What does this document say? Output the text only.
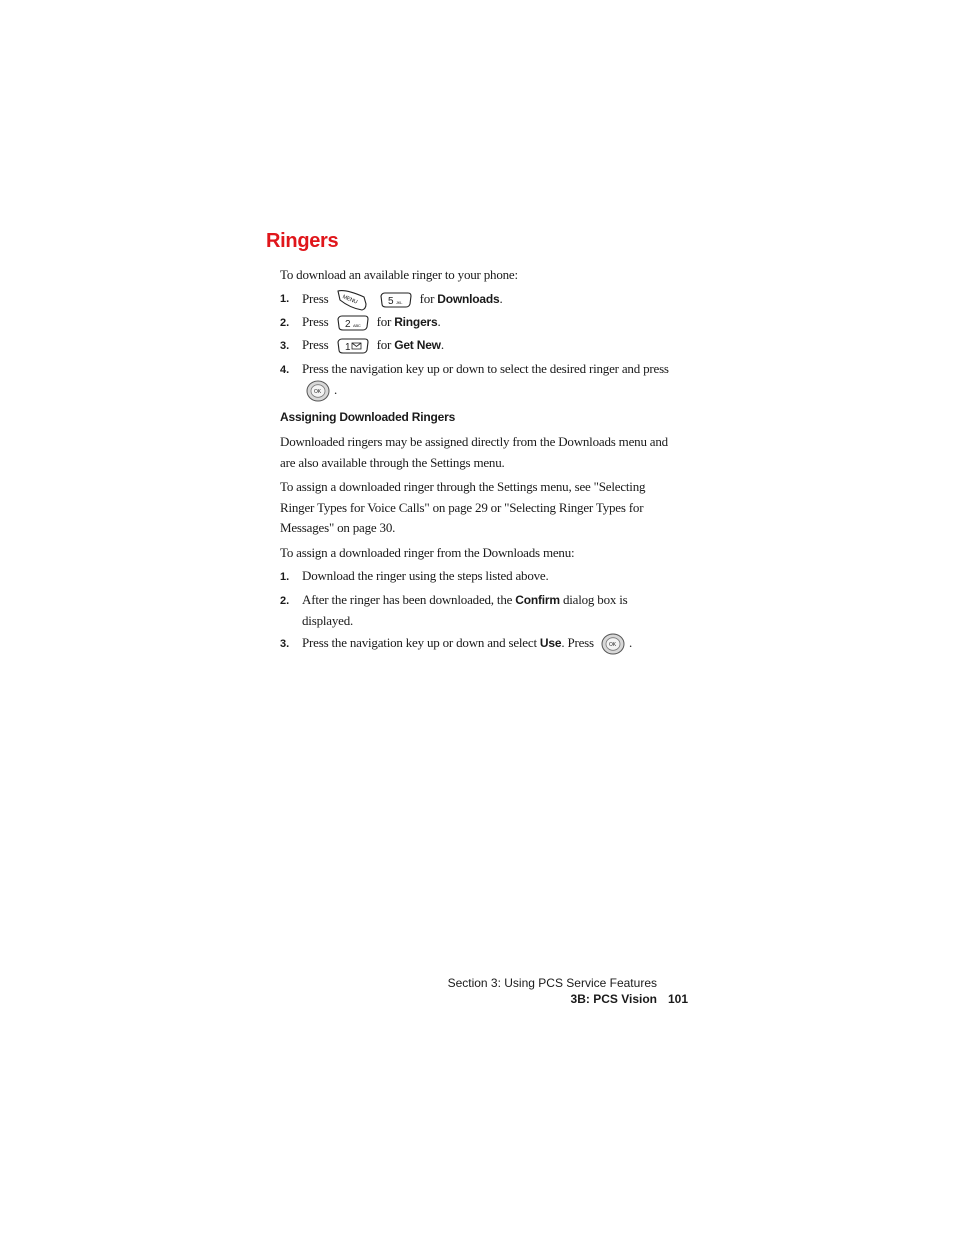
Ringers

To download an available ringer to your phone:

1. Press MENU
	5 JKL for Downloads.

2. Press 2 ABC for Ringers.

3. Press 1 for Get New.

4. Press the navigation key up or down to select the desired ringer and press
OK .

Assigning Downloaded Ringers

Downloaded ringers may be assigned directly from the Downloads menu and are also available through the Settings menu.

To assign a downloaded ringer through the Settings menu, see "Selecting Ringer Types for Voice Calls" on page 29 or "Selecting Ringer Types for Messages" on page 30.

To assign a downloaded ringer from the Downloads menu:

1. Download the ringer using the steps listed above.

2. After the ringer has been downloaded, the Confirm dialog box is displayed.

3. Press the navigation key up or down and select Use. Press	OK .

Section 3: Using PCS Service Features
3B: PCS Vision 101
